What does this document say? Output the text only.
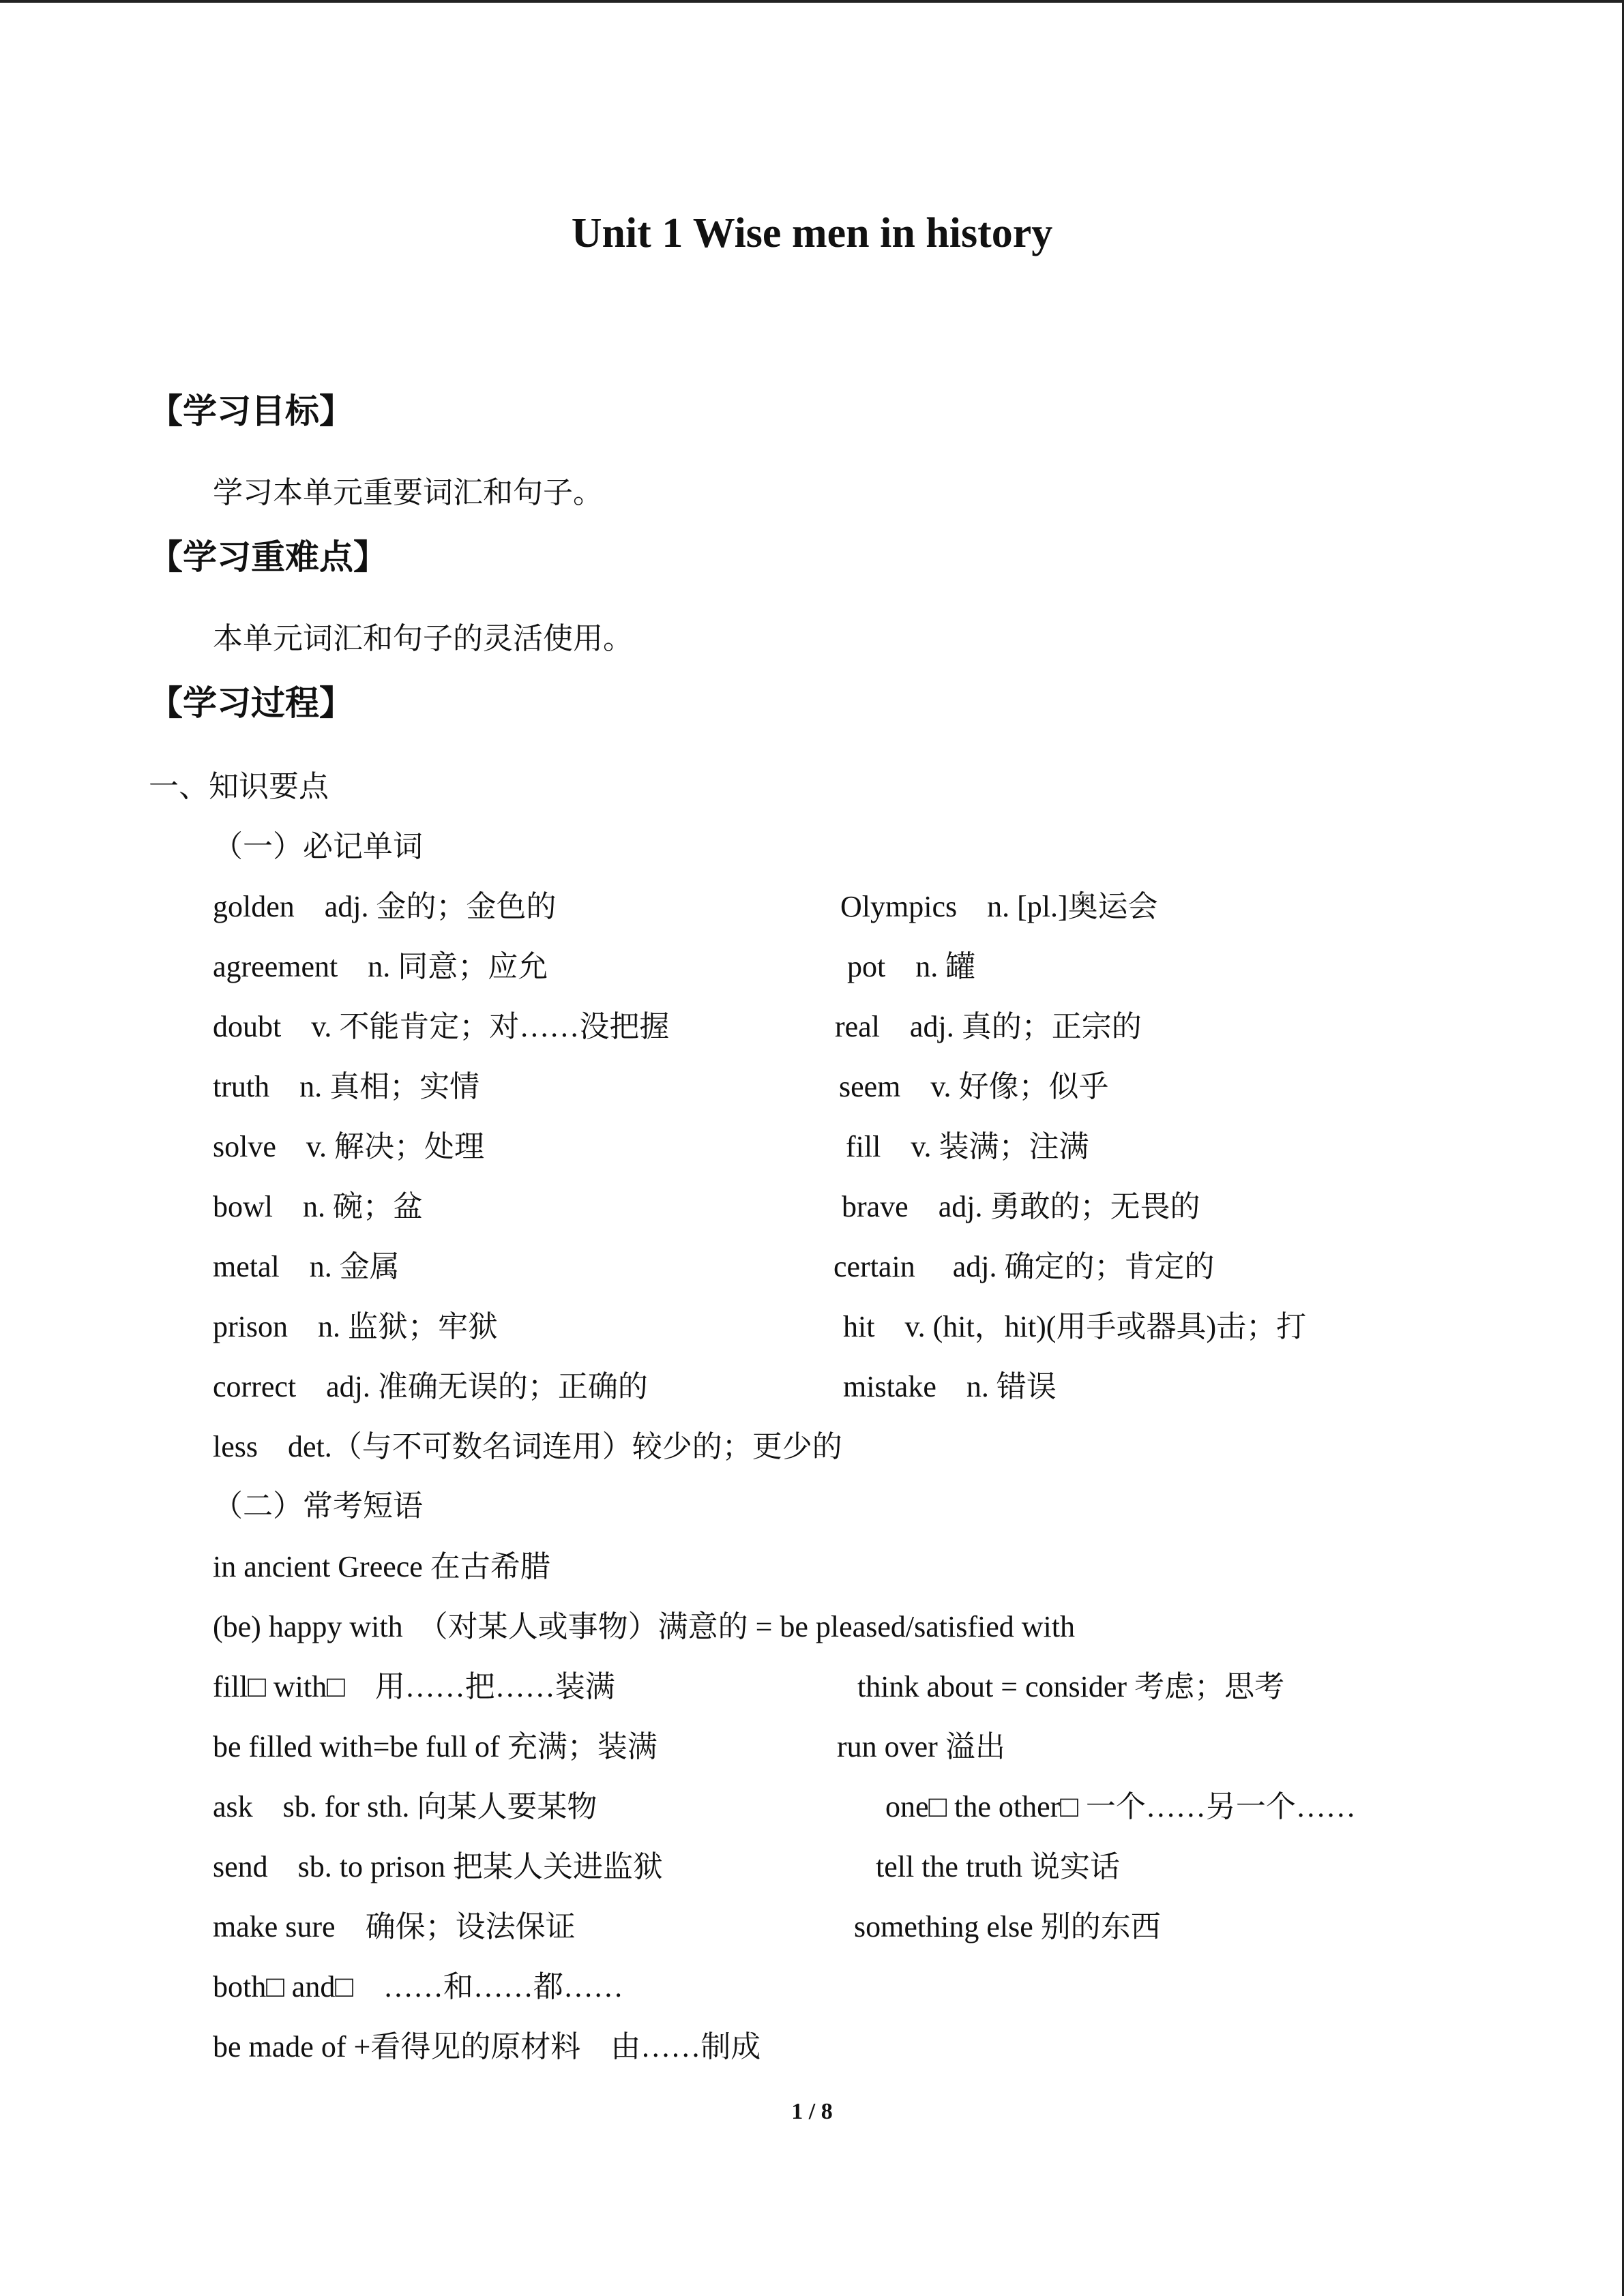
Unit 1 Wise men in history
【学习目标】
学习本单元重要词汇和句子。
【学习重难点】
本单元词汇和句子的灵活使用。
【学习过程】
一、知识要点
（一）必记单词
golden　adj. 金的；金色的	Olympics　n. [pl.]奥运会
agreement　n. 同意；应允	pot　n. 罐
doubt　v. 不能肯定；对……没把握	real　adj. 真的；正宗的
truth　n. 真相；实情	seem　v. 好像；似乎
solve　v. 解决；处理	fill　v. 装满；注满
bowl　n. 碗；盆	brave　adj. 勇敢的；无畏的
metal　n. 金属	certain　 adj. 确定的；肯定的
prison　n. 监狱；牢狱	hit　v. (hit，hit)(用手或器具)击；打
correct　adj. 准确无误的；正确的	mistake　n. 错误
less　det.（与不可数名词连用）较少的；更少的
（二）常考短语
in ancient Greece 在古希腊
(be) happy with　（对某人或事物）满意的 = be pleased/satisfied with
fill□ with□　用……把……装满	think about = consider 考虑；思考
be filled with=be full of 充满；装满	run over 溢出
ask　sb. for sth. 向某人要某物	one□ the other□ 一个……另一个……
send　sb. to prison 把某人关进监狱	tell the truth 说实话
make sure　确保；设法保证	something else 别的东西
both□ and□　……和……都……
be made of +看得见的原材料　由……制成
1 / 8
